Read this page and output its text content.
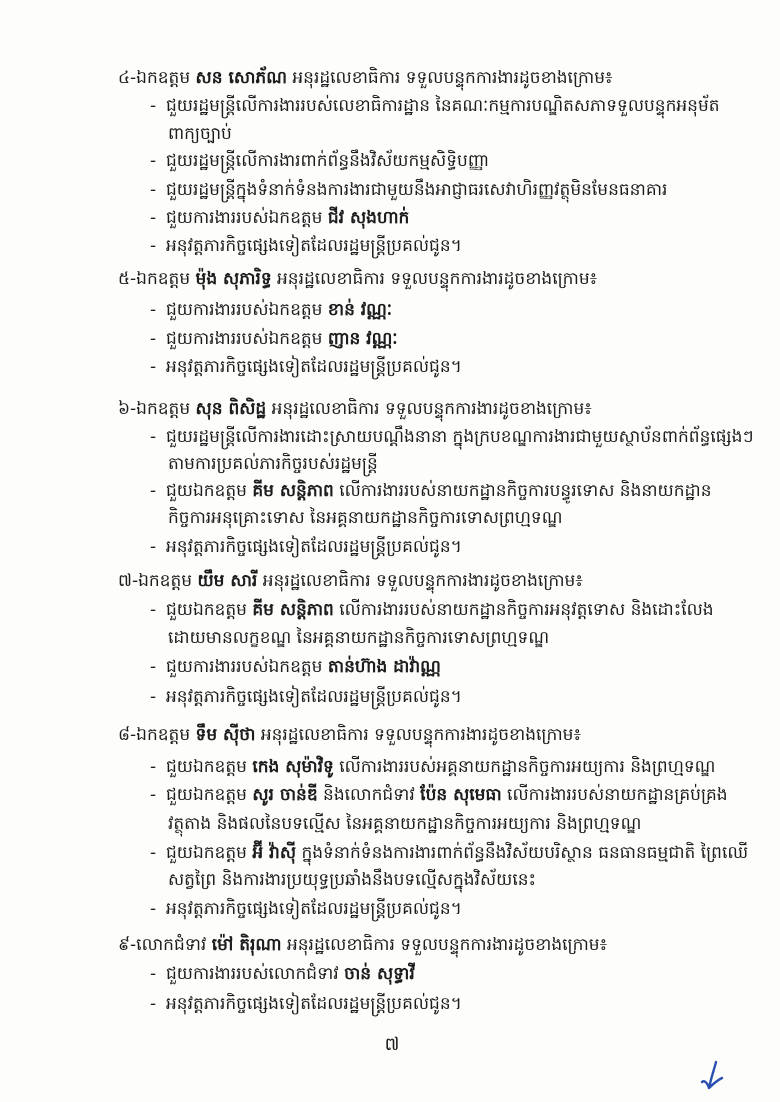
៤-ឯកឧត្តម សន សោភ័ណ អនុរដ្ឋលេខាធិការ ទទួលបន្ទុកការងារដូចខាងក្រោម៖
- ជួយរដ្ឋមន្ត្រីលើការងាររបស់លេខាធិការដ្ឋាន នៃគណៈកម្មការបណ្ឌិតសភាទទួលបន្ទុកអនុម័ត
ពាក្យច្បាប់
- ជួយរដ្ឋមន្ត្រីលើការងារពាក់ព័ន្ធនឹងវិស័យកម្មសិទ្ធិបញ្ញា
- ជួយរដ្ឋមន្ត្រីក្នុងទំនាក់ទំនងការងារជាមួយនឹងអាជ្ញាធរសេវាហិរញ្ញវត្ថុមិនមែនធនាគារ
- ជួយការងាររបស់ឯកឧត្តម ជីវ សុងហាក់
- អនុវត្តភារកិច្ចផ្សេងទៀតដែលរដ្ឋមន្ត្រីប្រគល់ជូន។
៥-ឯកឧត្តម ម៉ុង សុភារិទ្ធ អនុរដ្ឋលេខាធិការ ទទួលបន្ទុកការងារដូចខាងក្រោម៖
- ជួយការងាររបស់ឯកឧត្តម ខាន់ វណ្ណៈ
- ជួយការងាររបស់ឯកឧត្តម ញាន វណ្ណៈ
- អនុវត្តភារកិច្ចផ្សេងទៀតដែលរដ្ឋមន្ត្រីប្រគល់ជូន។
៦-ឯកឧត្តម សុន ពិសិដ្ឋ អនុរដ្ឋលេខាធិការ ទទួលបន្ទុកការងារដូចខាងក្រោម៖
- ជួយរដ្ឋមន្ត្រីលើការងារដោះស្រាយបណ្តឹងនានា ក្នុងក្របខណ្ឌការងារជាមួយស្ថាប័នពាក់ព័ន្ធផ្សេងៗ
តាមការប្រគល់ភារកិច្ចរបស់រដ្ឋមន្ត្រី
- ជួយឯកឧត្តម គីម សន្តិភាព លើការងាររបស់នាយកដ្ឋានកិច្ចការបន្ធូរទោស និងនាយកដ្ឋាន
កិច្ចការអនុគ្រោះទោស នៃអគ្គនាយកដ្ឋានកិច្ចការទោសព្រហ្មទណ្ឌ
- អនុវត្តភារកិច្ចផ្សេងទៀតដែលរដ្ឋមន្ត្រីប្រគល់ជូន។
៧-ឯកឧត្តម យឹម សារី អនុរដ្ឋលេខាធិការ ទទួលបន្ទុកការងារដូចខាងក្រោម៖
- ជួយឯកឧត្តម គីម សន្តិភាព លើការងាររបស់នាយកដ្ឋានកិច្ចការអនុវត្តទោស និងដោះលែង
ដោយមានលក្ខខណ្ឌ នៃអគ្គនាយកដ្ឋានកិច្ចការទោសព្រហ្មទណ្ឌ
- ជួយការងាររបស់ឯកឧត្តម តាន់ហ៊ាង ដាវ៉ាណ្ណ
- អនុវត្តភារកិច្ចផ្សេងទៀតដែលរដ្ឋមន្ត្រីប្រគល់ជូន។
៨-ឯកឧត្តម ទឹម ស៊ីថា អនុរដ្ឋលេខាធិការ ទទួលបន្ទុកការងារដូចខាងក្រោម៖
- ជួយឯកឧត្តម កេង សុម៉ាវិទូ លើការងាររបស់អគ្គនាយកដ្ឋានកិច្ចការអយ្យការ និងព្រហ្មទណ្ឌ
- ជួយឯកឧត្តម សូរ ចាន់ឌី និងលោកជំទាវ ប៉ែន សុមេធា លើការងាររបស់នាយកដ្ឋានគ្រប់គ្រង
វត្ថុតាង និងផលនៃបទល្មើស នៃអគ្គនាយកដ្ឋានកិច្ចការអយ្យការ និងព្រហ្មទណ្ឌ
- ជួយឯកឧត្តម អ៊ី វ៉ាស៊ី ក្នុងទំនាក់ទំនងការងារពាក់ព័ន្ធនឹងវិស័យបរិស្ថាន ធនធានធម្មជាតិ ព្រៃឈើ
សត្វព្រៃ និងការងារប្រយុទ្ធប្រឆាំងនឹងបទល្មើសក្នុងវិស័យនេះ
- អនុវត្តភារកិច្ចផ្សេងទៀតដែលរដ្ឋមន្ត្រីប្រគល់ជូន។
៩-លោកជំទាវ ម៉ៅ តិរុណា អនុរដ្ឋលេខាធិការ ទទួលបន្ទុកការងារដូចខាងក្រោម៖
- ជួយការងាររបស់លោកជំទាវ ចាន់ សុទ្ធាវី
- អនុវត្តភារកិច្ចផ្សេងទៀតដែលរដ្ឋមន្ត្រីប្រគល់ជូន។
៧
